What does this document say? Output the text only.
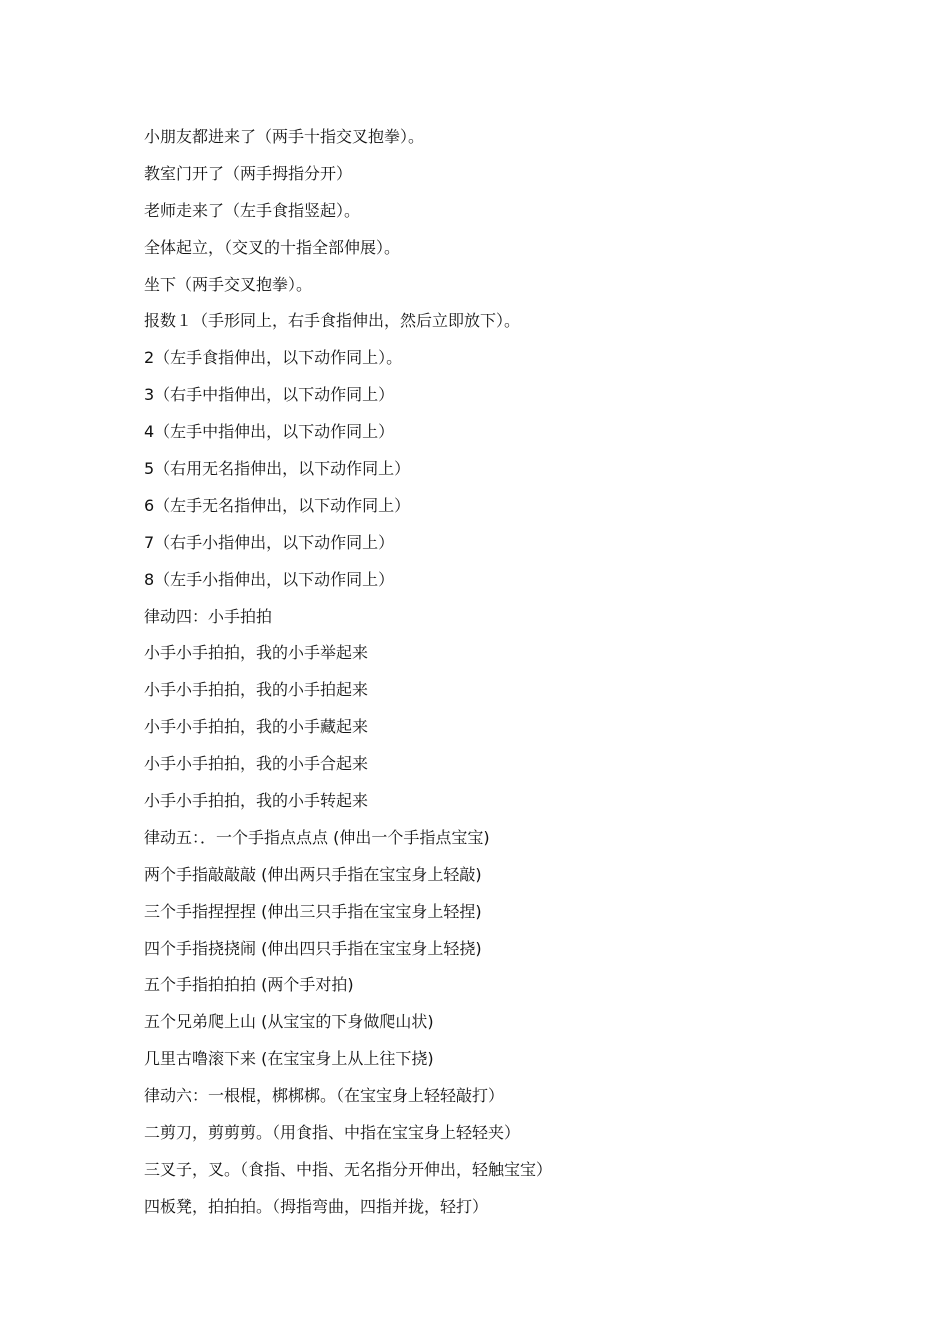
小朋友都进来了（两手十指交叉抱拳）。
教室门开了（两手拇指分开）
老师走来了（左手食指竖起）。
全体起立，（交叉的十指全部伸展）。
坐下（两手交叉抱拳）。
报数１（手形同上，右手食指伸出，然后立即放下）。
2（左手食指伸出，以下动作同上）。
3（右手中指伸出，以下动作同上）
4（左手中指伸出，以下动作同上）
5（右用无名指伸出，以下动作同上）
6（左手无名指伸出，以下动作同上）
7（右手小指伸出，以下动作同上）
8（左手小指伸出，以下动作同上）
律动四：小手拍拍
小手小手拍拍，我的小手举起来
小手小手拍拍，我的小手拍起来
小手小手拍拍，我的小手藏起来
小手小手拍拍，我的小手合起来
小手小手拍拍，我的小手转起来
律动五：．一个手指点点点 (伸出一个手指点宝宝)
两个手指敲敲敲 (伸出两只手指在宝宝身上轻敲)
三个手指捏捏捏 (伸出三只手指在宝宝身上轻捏)
四个手指挠挠闹 (伸出四只手指在宝宝身上轻挠)
五个手指拍拍拍 (两个手对拍)
五个兄弟爬上山 (从宝宝的下身做爬山状)
几里古噜滚下来 (在宝宝身上从上往下挠)
律动六：一根棍，梆梆梆。（在宝宝身上轻轻敲打）
二剪刀，剪剪剪。（用食指、中指在宝宝身上轻轻夹）
三叉子，叉。（食指、中指、无名指分开伸出，轻触宝宝）
四板凳，拍拍拍。（拇指弯曲，四指并拢，轻打）
